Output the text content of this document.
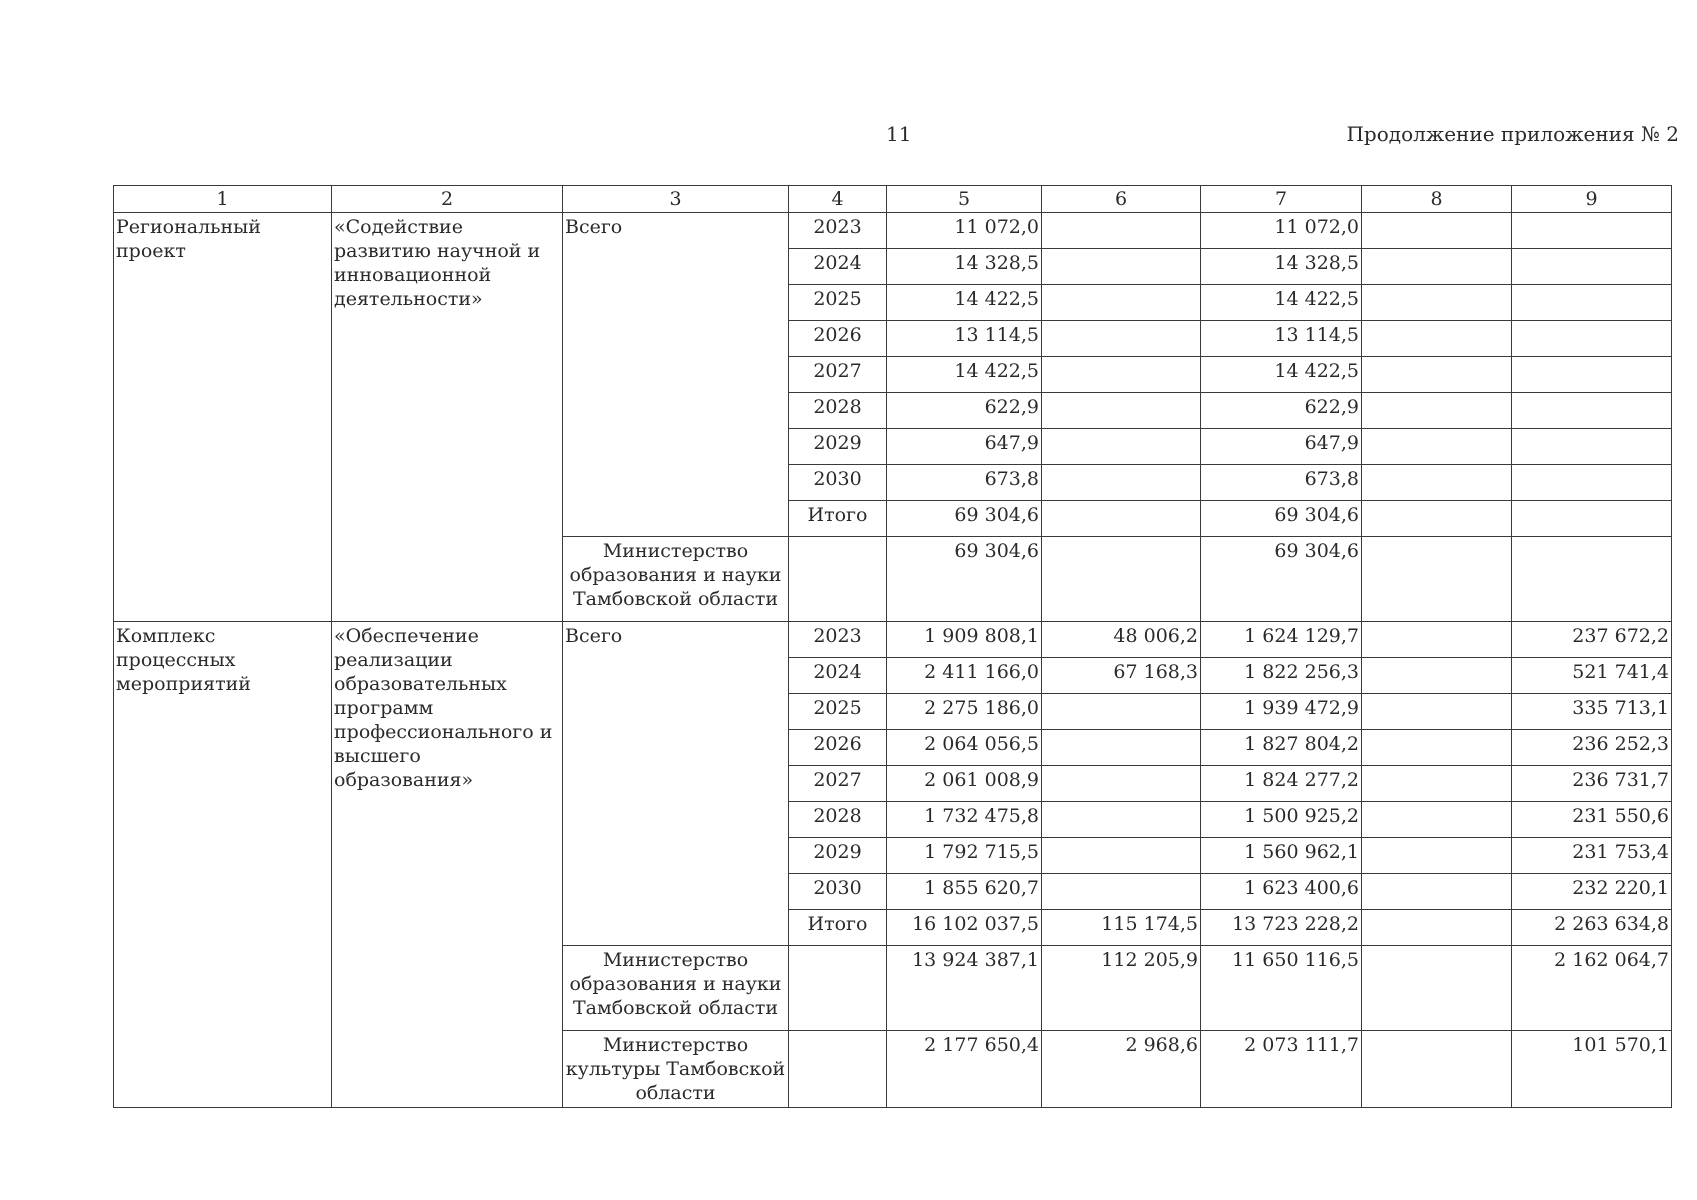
11	Продолжение приложения № 2
1	2	3	4	5	6	7	8	9
Региональный проект	«Содействие развитию научной и инновационной деятельности»	Всего	2023	11 072,0		11 072,0		
			2024	14 328,5		14 328,5		
			2025	14 422,5		14 422,5		
			2026	13 114,5		13 114,5		
			2027	14 422,5		14 422,5		
			2028	622,9		622,9		
			2029	647,9		647,9		
			2030	673,8		673,8		
			Итого	69 304,6		69 304,6		
		Министерство образования и науки Тамбовской области		69 304,6		69 304,6		
Комплекс процессных мероприятий	«Обеспечение реализации образовательных программ профессионального и высшего образования»	Всего	2023	1 909 808,1	48 006,2	1 624 129,7		237 672,2
			2024	2 411 166,0	67 168,3	1 822 256,3		521 741,4
			2025	2 275 186,0		1 939 472,9		335 713,1
			2026	2 064 056,5		1 827 804,2		236 252,3
			2027	2 061 008,9		1 824 277,2		236 731,7
			2028	1 732 475,8		1 500 925,2		231 550,6
			2029	1 792 715,5		1 560 962,1		231 753,4
			2030	1 855 620,7		1 623 400,6		232 220,1
			Итого	16 102 037,5	115 174,5	13 723 228,2		2 263 634,8
		Министерство образования и науки Тамбовской области		13 924 387,1	112 205,9	11 650 116,5		2 162 064,7
		Министерство культуры Тамбовской области		2 177 650,4	2 968,6	2 073 111,7		101 570,1
